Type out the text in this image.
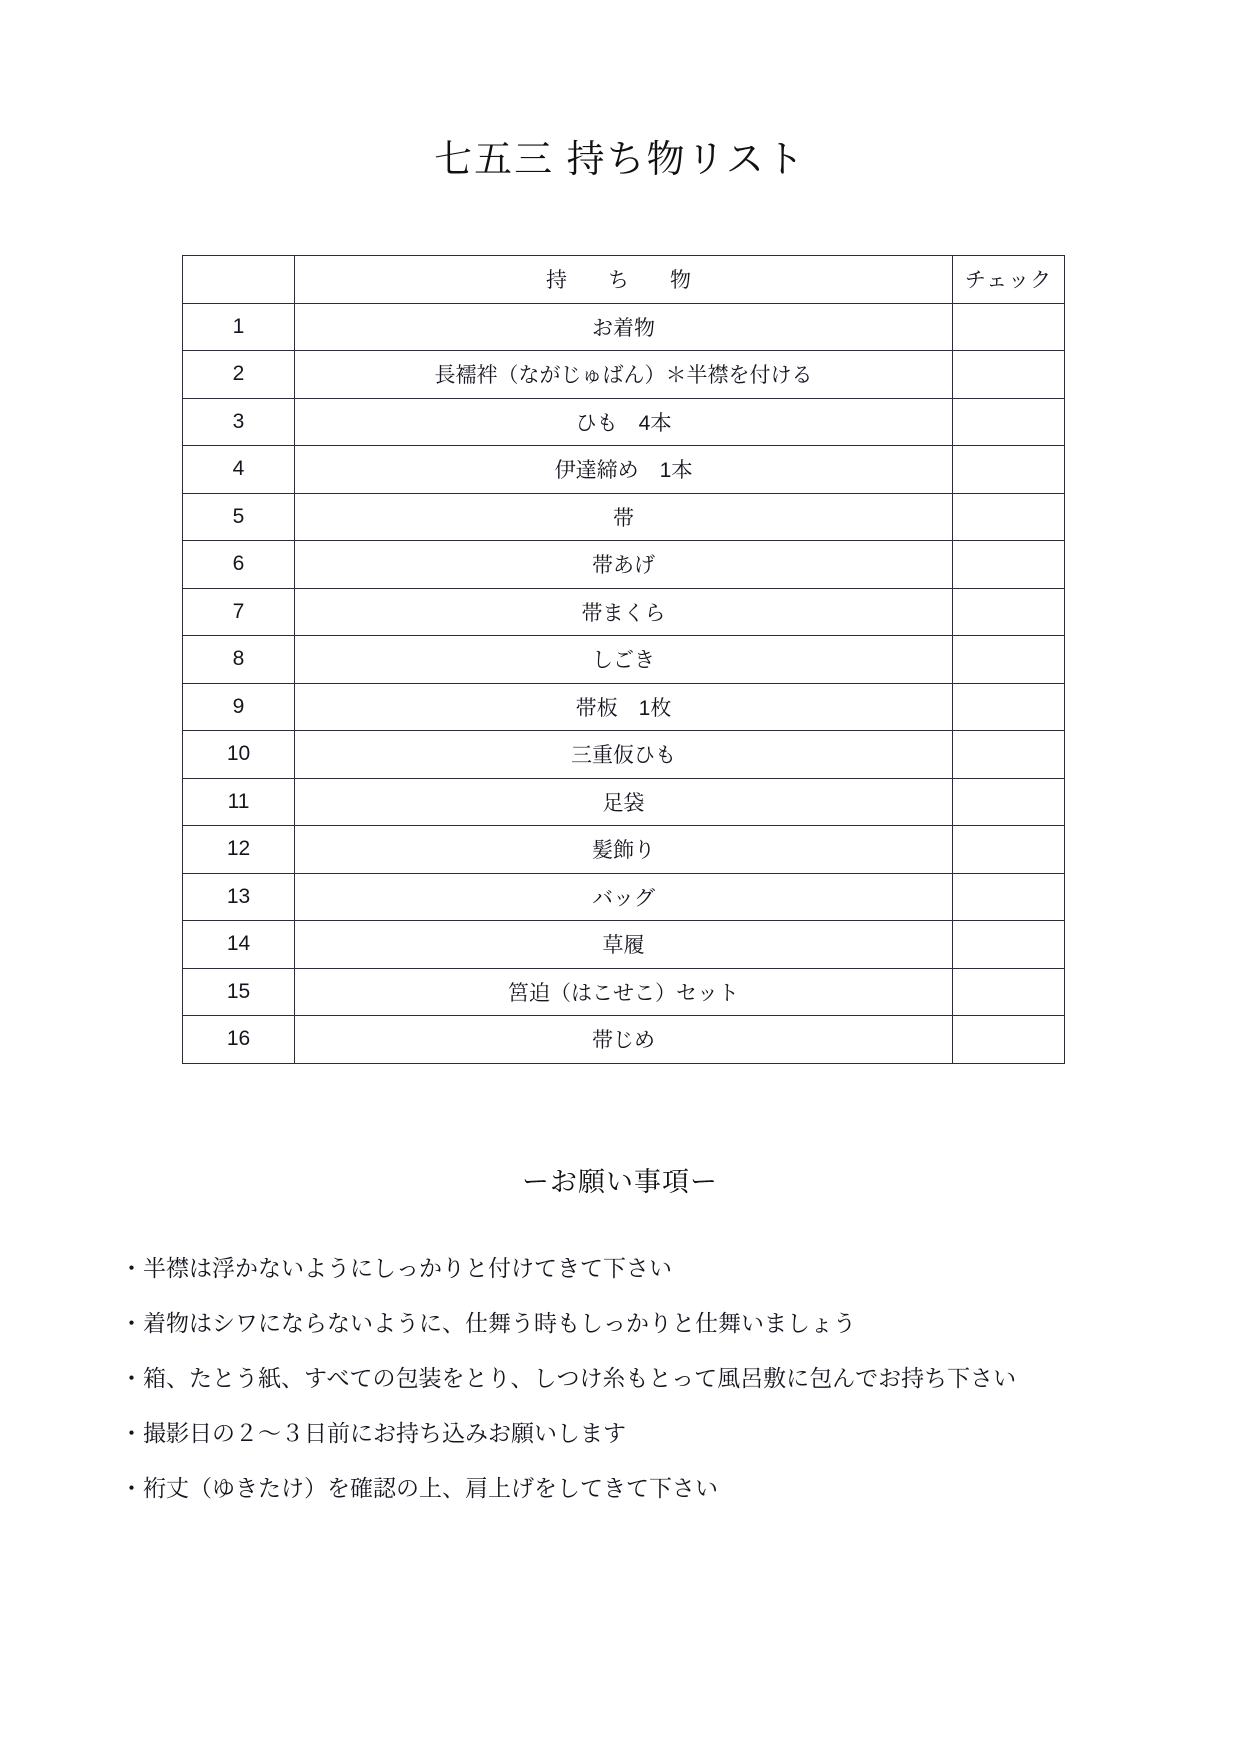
七五三 持ち物リスト
	持　ち　物	チェック
1	お着物	
2	長襦袢（ながじゅばん）＊半襟を付ける	
3	ひも　4本	
4	伊達締め　1本	
5	帯	
6	帯あげ	
7	帯まくら	
8	しごき	
9	帯板　1枚	
10	三重仮ひも	
11	足袋	
12	髪飾り	
13	バッグ	
14	草履	
15	筥迫（はこせこ）セット	
16	帯じめ	
ーお願い事項ー
・半襟は浮かないようにしっかりと付けてきて下さい
・着物はシワにならないように、仕舞う時もしっかりと仕舞いましょう
・箱、たとう紙、すべての包装をとり、しつけ糸もとって風呂敷に包んでお持ち下さい
・撮影日の２～３日前にお持ち込みお願いします
・裄丈（ゆきたけ）を確認の上、肩上げをしてきて下さい
